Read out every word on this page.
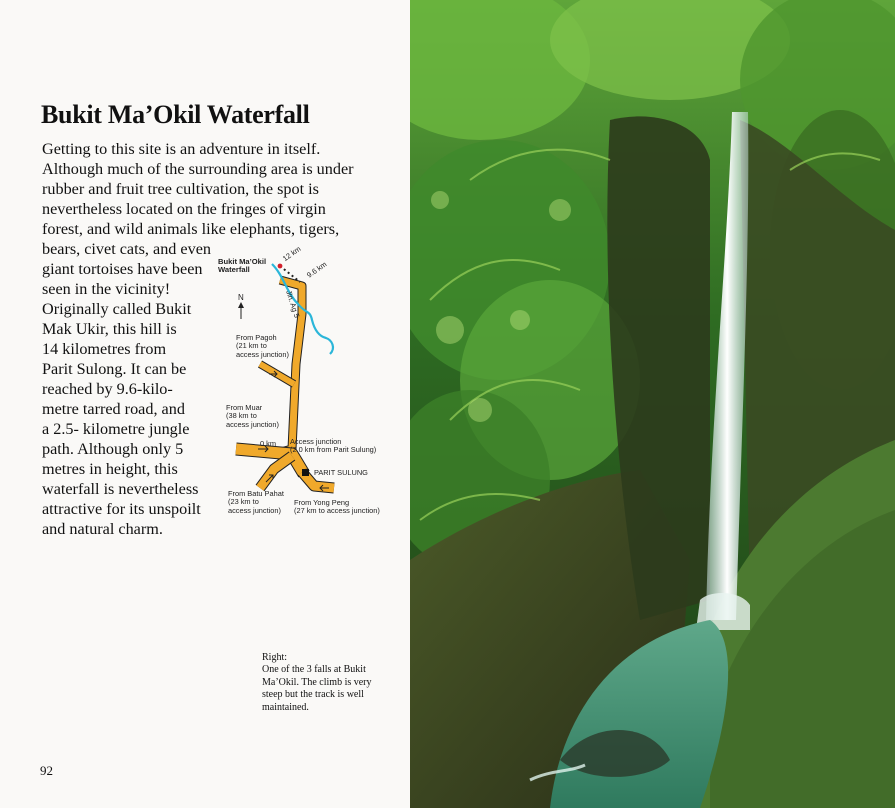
Bukit Ma’Okil Waterfall

Getting to this site is an adventure in itself.

Although much of the surrounding area is under

rubber and fruit tree cultivation, the spot is

nevertheless located on the fringes of virgin

forest, and wild animals like elephants, tigers,

bears, civet cats, and even

giant tortoises have been

seen in the vicinity!

Originally called Bukit

Mak Ukir, this hill is

14 kilometres from

Parit Sulong. It can be

reached by 9.6-kilo-

metre tarred road, and

a 2.5- kilometre jungle

path. Although only 5

metres in height, this

waterfall is nevertheless

attractive for its unspoilt

and natural charm.

Bukit Ma’Okil
Waterfall
12 km
9.6 km
Jln. Ag 5
N
From Pagoh
(21 km to
access junction)
From Muar
(38 km to
access junction)
0 km Access junction
(2.0 km from Parit Sulung)
PARIT SULUNG
From Batu Pahat
(23 km to
access junction)
From Yong Peng
(27 km to access junction)
Right:
One of the 3 falls at Bukit
Ma’Okil. The climb is very
steep but the track is well
maintained.
92
